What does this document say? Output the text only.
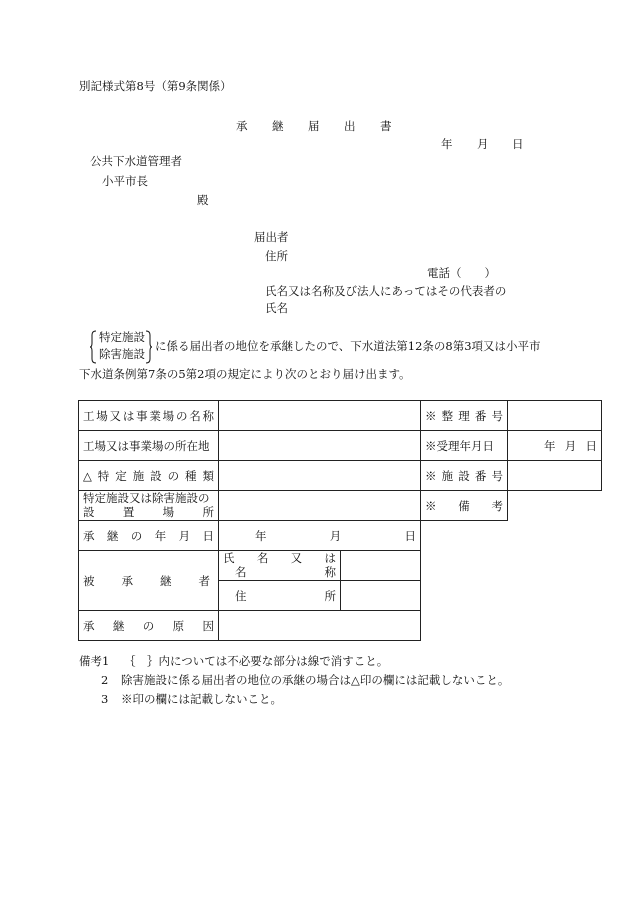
別記様式第8号（第9条関係）
承 継 届 出 書
年 月 日
公共下水道管理者
小平市長
殿
届出者
住所
電話（　　）
氏名又は名称及び法人にあってはその代表者の
氏名
特定施設
除害施設
に係る届出者の地位を承継したので、下水道法第12条の8第3項又は小平市
下水道条例第7条の5第2項の規定により次のとおり届け出ます。
工場又は事業場の名称			※整理番号	

工場又は事業場の所在地			※受理年月日	年 月 日

△特定施設の種類			※施設番号	

特定施設又は除害施設の
設置場所			※備考	

承継の年月日	年 月 日			

被承継者	氏名又は
名称			

	住所			

承継の原因				

備考1 ｛　｝内については不必要な部分は線で消すこと。
2 除害施設に係る届出者の地位の承継の場合は△印の欄には記載しないこと。
3 ※印の欄には記載しないこと。
